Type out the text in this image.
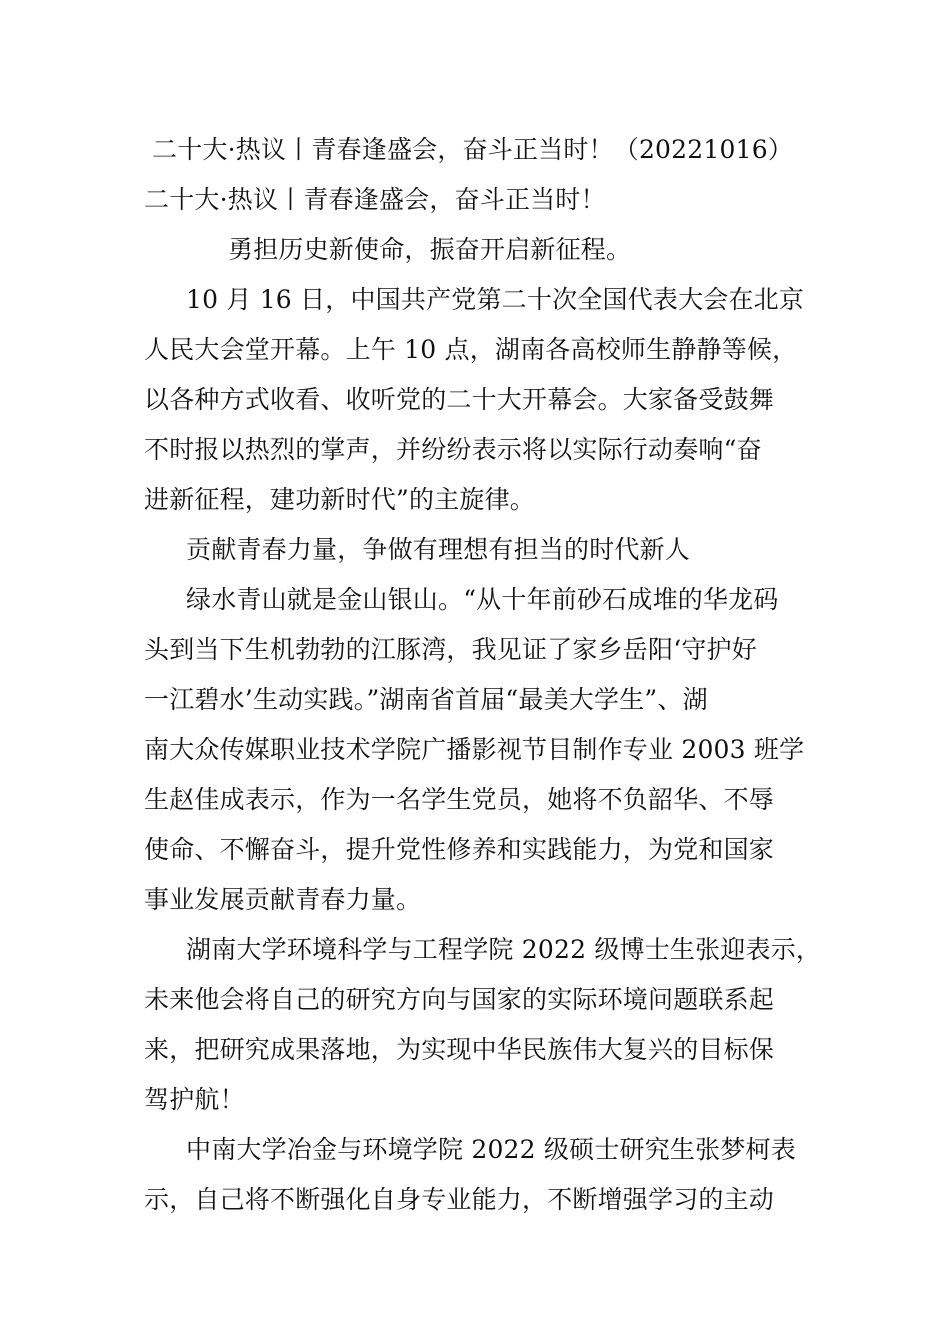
二十大·热议丨青春逢盛会，奋斗正当时！（20221016）
二十大·热议丨青春逢盛会，奋斗正当时！
勇担历史新使命，振奋开启新征程。
10 月 16 日，中国共产党第二十次全国代表大会在北京
人民大会堂开幕。上午 10 点，湖南各高校师生静静等候，
以各种方式收看、收听党的二十大开幕会。大家备受鼓舞
不时报以热烈的掌声，并纷纷表示将以实际行动奏响“奋
进新征程，建功新时代”的主旋律。
贡献青春力量，争做有理想有担当的时代新人
绿水青山就是金山银山。“从十年前砂石成堆的华龙码
头到当下生机勃勃的江豚湾，我见证了家乡岳阳‘守护好
一江碧水’生动实践。”湖南省首届“最美大学生”、湖
南大众传媒职业技术学院广播影视节目制作专业 2003 班学
生赵佳成表示，作为一名学生党员，她将不负韶华、不辱
使命、不懈奋斗，提升党性修养和实践能力，为党和国家
事业发展贡献青春力量。
湖南大学环境科学与工程学院 2022 级博士生张迎表示，
未来他会将自己的研究方向与国家的实际环境问题联系起
来，把研究成果落地，为实现中华民族伟大复兴的目标保
驾护航！
中南大学冶金与环境学院 2022 级硕士研究生张梦柯表
示，自己将不断强化自身专业能力，不断增强学习的主动
